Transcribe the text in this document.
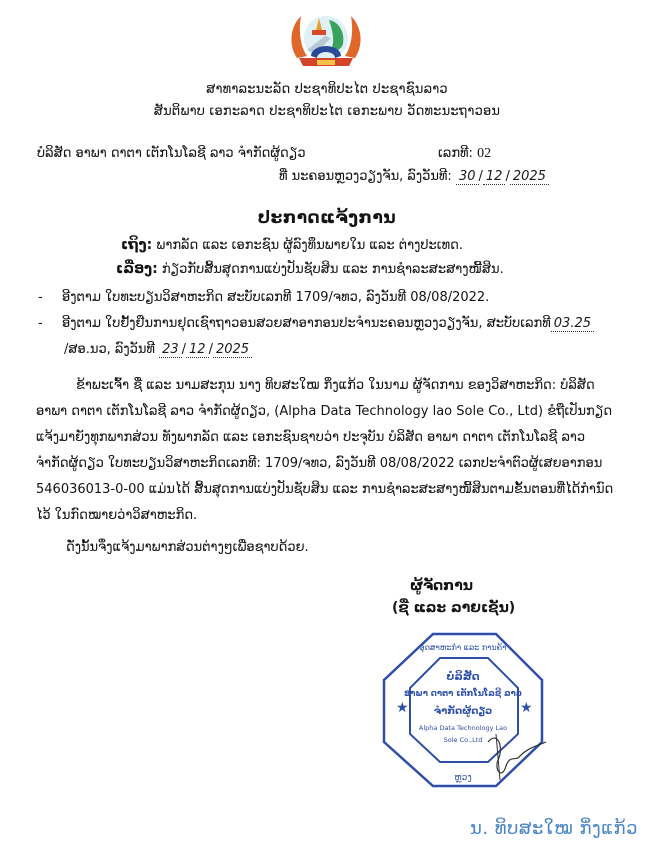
ສາທາລະນະລັດ ປະຊາທິປະໄຕ ປະຊາຊົນລາວ
ສັນຕິພາບ ເອກະລາດ ປະຊາທິປະໄຕ ເອກະພາບ ວັດທະນະຖາວອນ
ບໍລິສັດ ອາພາ ດາຕາ ເຕັກໂນໂລຊີ ລາວ ຈຳກັດຜູ້ດຽວ	ເລກທີ: 02
ທີ່ ນະຄອນຫຼວງວຽງຈັນ, ລົງວັນທີ: 30 / 12 / 2025
ປະກາດແຈ້ງການ
ເຖິງ: ພາກລັດ ແລະ ເອກະຊົນ ຜູ້ລົງທຶນພາຍໃນ ແລະ ຕ່າງປະເທດ.
ເລື່ອງ: ກ່ຽວກັບສິ້ນສຸດການແບ່ງປັນຊັບສິນ ແລະ ການຊຳລະສະສາງໜີ້ສິນ.
- ອີງຕາມ ໃບທະບຽນວິສາຫະກິດ ສະບັບເລກທີ 1709/ຈທວ, ລົງວັນທີ 08/08/2022.
- ອີງຕາມ ໃບຢັ້ງຢືນການຢຸດເຊົາຖາວອນສວຍສາອາກອນປະຈຳນະຄອນຫຼວງວຽງຈັນ, ສະບັບເລກທີ 03.25
/ສອ.ນວ, ລົງວັນທີ 23 / 12 / 2025
ຂ້າພະເຈົ້າ ຊື່ ແລະ ນາມສະກຸນ ນາງ ທິບສະໃໝ ກິ່ງແກ້ວ ໃນນາມ ຜູ້ຈັດການ ຂອງວິສາຫະກິດ: ບໍລິສັດ
ອາພາ ດາຕາ ເຕັກໂນໂລຊີ ລາວ ຈຳກັດຜູ້ດຽວ, (Alpha Data Technology lao Sole Co., Ltd) ຂໍຖືເປັນກຽດ
ແຈ້ງມາຍັງທຸກພາກສ່ວນ ທັງພາກລັດ ແລະ ເອກະຊົນຊາບວ່າ ປະຈຸບັນ ບໍລິສັດ ອາພາ ດາຕາ ເຕັກໂນໂລຊີ ລາວ
ຈຳກັດຜູ້ດຽວ ໃບທະບຽນວິສາຫະກິດເລກທີ: 1709/ຈທວ, ລົງວັນທີ 08/08/2022 ເລກປະຈຳຕົວຜູ້ເສຍອາກອນ
546036013-0-00 ແມ່ນໄດ້ ສິ້ນສຸດການແບ່ງປັນຊັບສິນ ແລະ ການຊຳລະສະສາງໜີ້ສິນຕາມຂັ້ນຕອນທີ່ໄດ້ກຳນົດ
ໄວ້ ໃນກົດໝາຍວ່າວິສາຫະກິດ.
ດັ່ງນັ້ນຈຶ່ງແຈ້ງມາພາກສ່ວນຕ່າງໆເພື່ອຊາບດ້ວຍ.
ຜູ້ຈັດການ
(ຊື່ ແລະ ລາຍເຊັນ)
★	★
ບໍລິສັດ
ອາພາ ດາຕາ ເຕັກໂນໂລຊີ ລາວ
ຈຳກັດຜູ້ດຽວ
Alpha Data Technology Lao
Sole Co.,Ltd
ອຸດສາຫະກຳ ແລະ ການຄ້າ
ຫຼວງ
ນ. ທິບສະໃໝ ກິ່ງແກ້ວ
